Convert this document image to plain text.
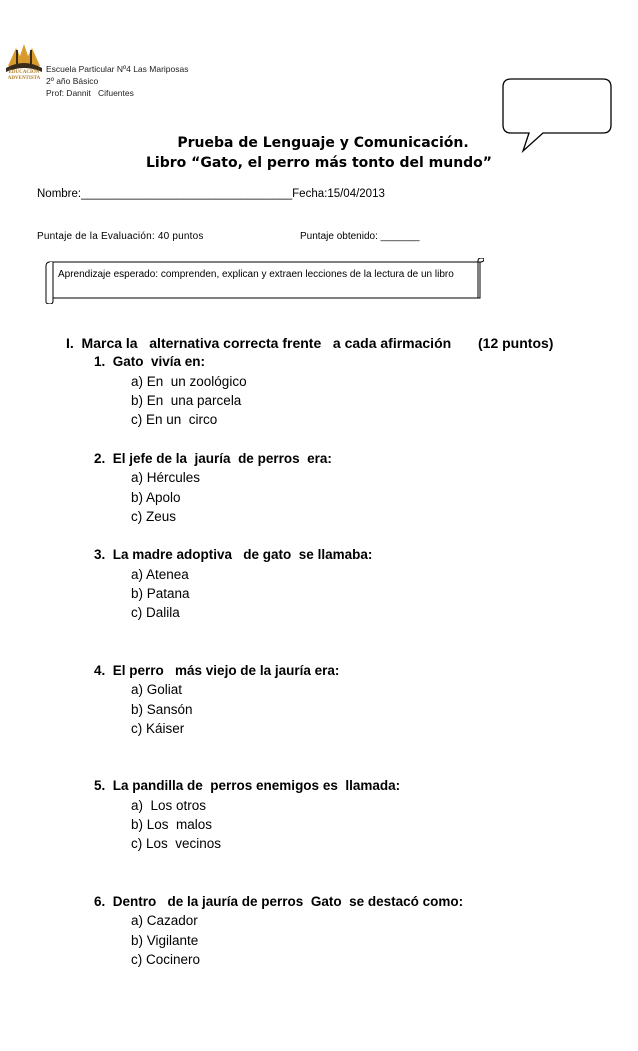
EDUCACIÓN ADVENTISTA
Escuela Particular Nº4 Las Mariposas
2º año Básico
Prof: Dannit   Cifuentes
Prueba de Lenguaje y Comunicación.
Libro “Gato, el perro más tonto del mundo”
Nombre:_________________________________Fecha:15/04/2013
Puntaje de la Evaluación: 40 puntos	Puntaje obtenido: _______
Aprendizaje esperado: comprenden, explican y extraen lecciones de la lectura de un libro
I.  Marca la   alternativa correcta frente   a cada afirmación (12 puntos)
1.  Gato  vivía en:
a) En  un zoológico
b) En  una parcela
c) En un  circo
2.  El jefe de la  jauría  de perros  era:
a) Hércules
b) Apolo
c) Zeus
3.  La madre adoptiva   de gato  se llamaba:
a) Atenea
b) Patana
c) Dalila
4.  El perro   más viejo de la jauría era:
a) Goliat
b) Sansón
c) Káiser
5.  La pandilla de  perros enemigos es  llamada:
a)  Los otros
b) Los  malos
c) Los  vecinos
6.  Dentro   de la jauría de perros  Gato  se destacó como:
a) Cazador
b) Vigilante
c) Cocinero
